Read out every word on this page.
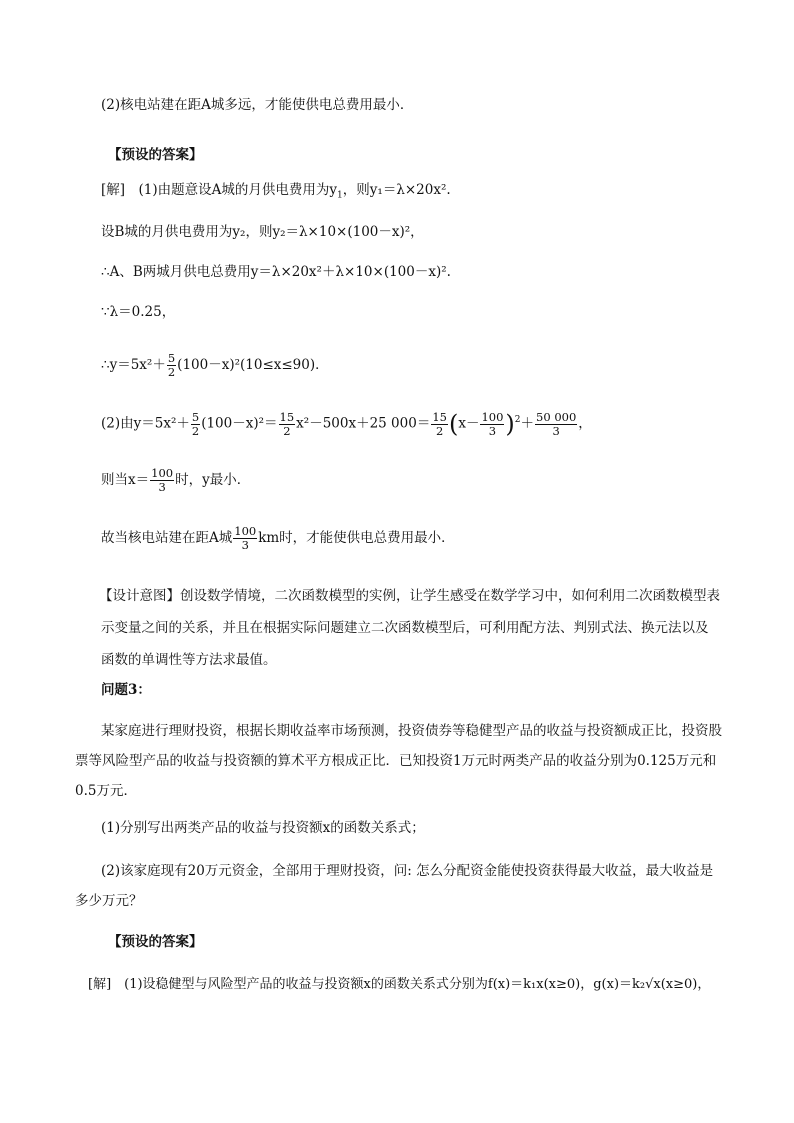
(2)核电站建在距A城多远，才能使供电总费用最小．
【预设的答案】
[解]　(1)由题意设A城的月供电费用为$y_1$，则y₁＝λ×20x².
设B城的月供电费用为y₂，则y₂＝λ×10×(100－x)²，
∴A、B两城月供电总费用y＝λ×20x²＋λ×10×(100－x)².
∵λ＝0.25，
∴y＝5x²＋ $\frac{5}{2} (100-x)^2(10\le x\le 90)$．
(2)由$y=5x^2+ \frac{5}{2} (100-x)^2= \frac{15}{2} x^2-500x+25$ $000= \frac{15}{2} (x- \frac{100}{3} )^2+ \frac{50 000}{3}$ ，
则当$x= \frac{100}{3}$ 时，y最小．
故当核电站建在距A城 $\frac{100}{3}$ km时，才能使供电总费用最小．
【设计意图】创设数学情境，二次函数模型的实例，让学生感受在数学学习中，如何利用二次函数模型表示变量之间的关系，并且在根据实际问题建立二次函数模型后，可利用配方法、判别式法、换元法以及函数的单调性等方法求最值。
问题3：
某家庭进行理财投资，根据长期收益率市场预测，投资债券等稳健型产品的收益与投资额成正比，投资股票等风险型产品的收益与投资额的算术平方根成正比．已知投资1万元时两类产品的收益分别为0.125万元和0.5万元．
(1)分别写出两类产品的收益与投资额x的函数关系式；
(2)该家庭现有20万元资金，全部用于理财投资，问: 怎么分配资金能使投资获得最大收益，最大收益是多少万元？
【预设的答案】
[解]　(1)设稳健型与风险型产品的收益与投资额x的函数关系式分别为f(x)＝k₁x(x≥0)，g(x)＝k₂√x(x≥0)，
